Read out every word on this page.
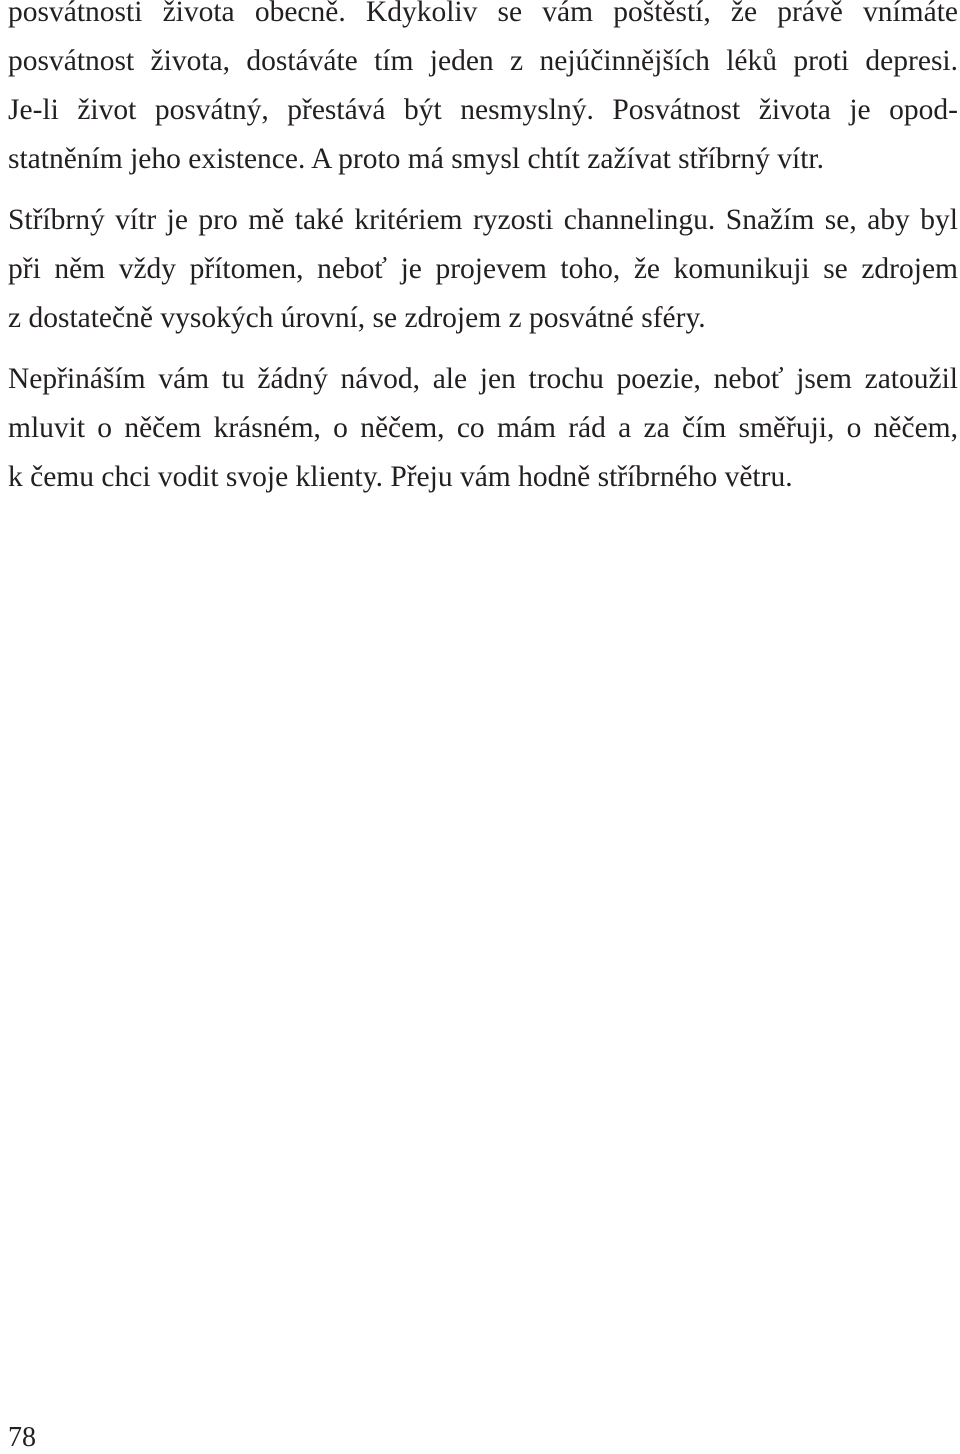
posvátnosti života obecně. Kdykoliv se vám poštěstí, že právě vnímáte
posvátnost života, dostáváte tím jeden z nejúčinnějších léků proti depresi.
Je-li život posvátný, přestává být nesmyslný. Posvátnost života je opod-
statněním jeho existence. A proto má smysl chtít zažívat stříbrný vítr.
Stříbrný vítr je pro mě také kritériem ryzosti channelingu. Snažím se, aby byl
při něm vždy přítomen, neboť je projevem toho, že komunikuji se zdrojem
z dostatečně vysokých úrovní, se zdrojem z posvátné sféry.
Nepřináším vám tu žádný návod, ale jen trochu poezie, neboť jsem zatoužil
mluvit o něčem krásném, o něčem, co mám rád a za čím směřuji, o něčem,
k čemu chci vodit svoje klienty. Přeju vám hodně stříbrného větru.
78
